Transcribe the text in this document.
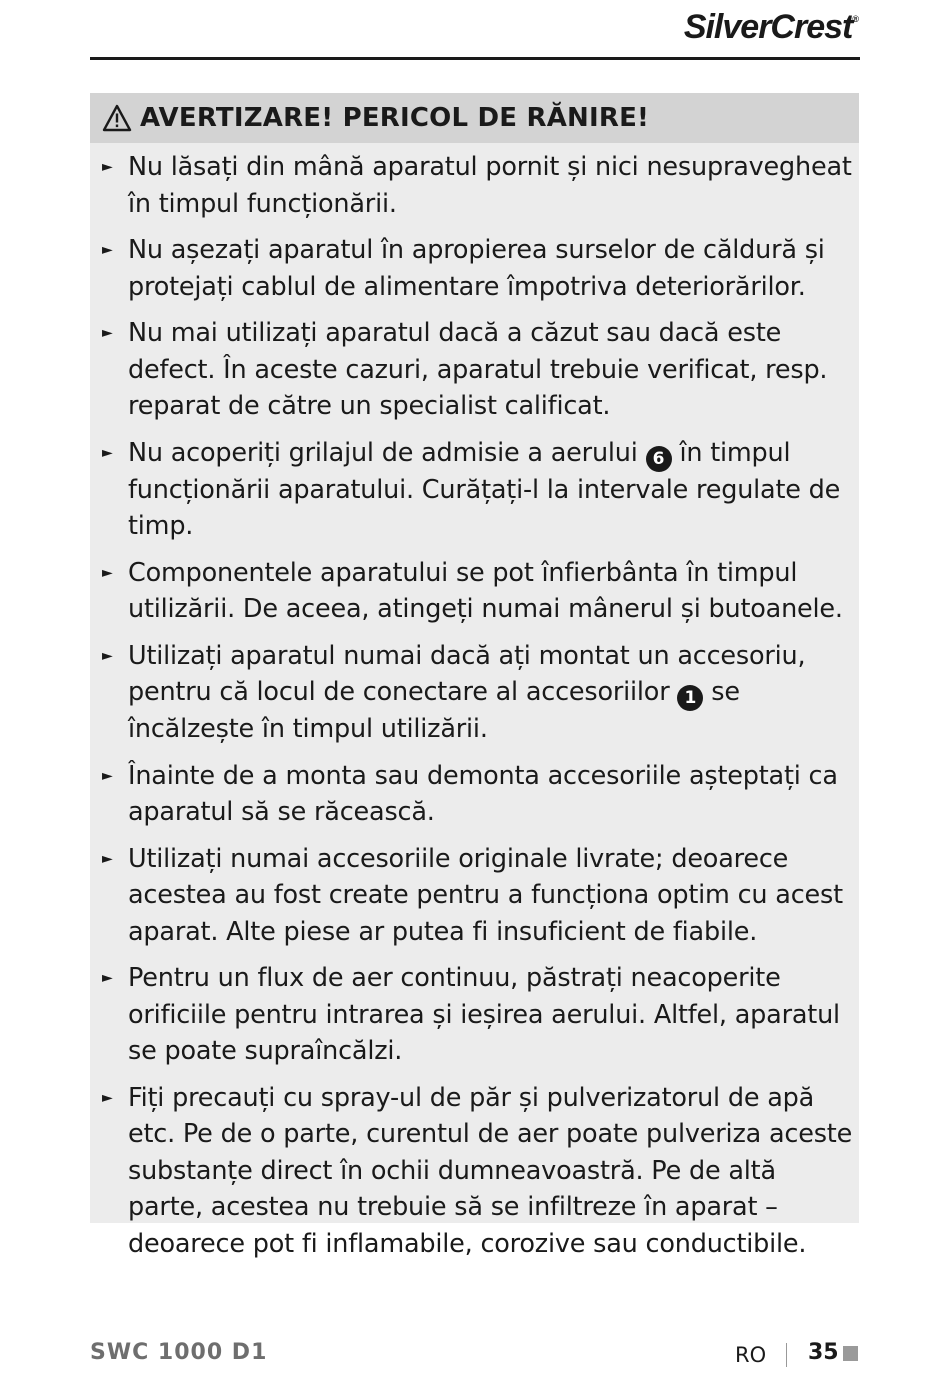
SilverCrest®
AVERTIZARE! PERICOL DE RĂNIRE!
► Nu lăsați din mână aparatul pornit și nici nesupravegheat în timpul funcționării.
► Nu așezați aparatul în apropierea surselor de căldură și protejați cablul de alimentare împotriva deteriorărilor.
► Nu mai utilizați aparatul dacă a căzut sau dacă este defect. În aceste cazuri, aparatul trebuie verificat, resp. reparat de către un specialist calificat.
► Nu acoperiți grilajul de admisie a aerului 6 în timpul funcționării aparatului. Curățați-l la intervale regulate de timp.
► Componentele aparatului se pot înfierbânta în timpul utilizării. De aceea, atingeți numai mânerul și butoanele.
► Utilizați aparatul numai dacă ați montat un accesoriu, pentru că locul de conectare al accesoriilor 1 se încălzește în timpul utilizării.
► Înainte de a monta sau demonta accesoriile așteptați ca aparatul să se răcească.
► Utilizați numai accesoriile originale livrate; deoarece acestea au fost create pentru a funcționa optim cu acest aparat. Alte piese ar putea fi insuficient de fiabile.
► Pentru un flux de aer continuu, păstrați neacoperite orificiile pentru intrarea și ieșirea aerului. Altfel, aparatul se poate supraîncălzi.
► Fiți precauți cu spray-ul de păr și pulverizatorul de apă etc. Pe de o parte, curentul de aer poate pulveriza aceste substanțe direct în ochii dumneavoastră. Pe de altă parte, acestea nu trebuie să se infiltreze în aparat – deoarece pot fi inflamabile, corozive sau conductibile.
SWC 1000 D1	RO 35
